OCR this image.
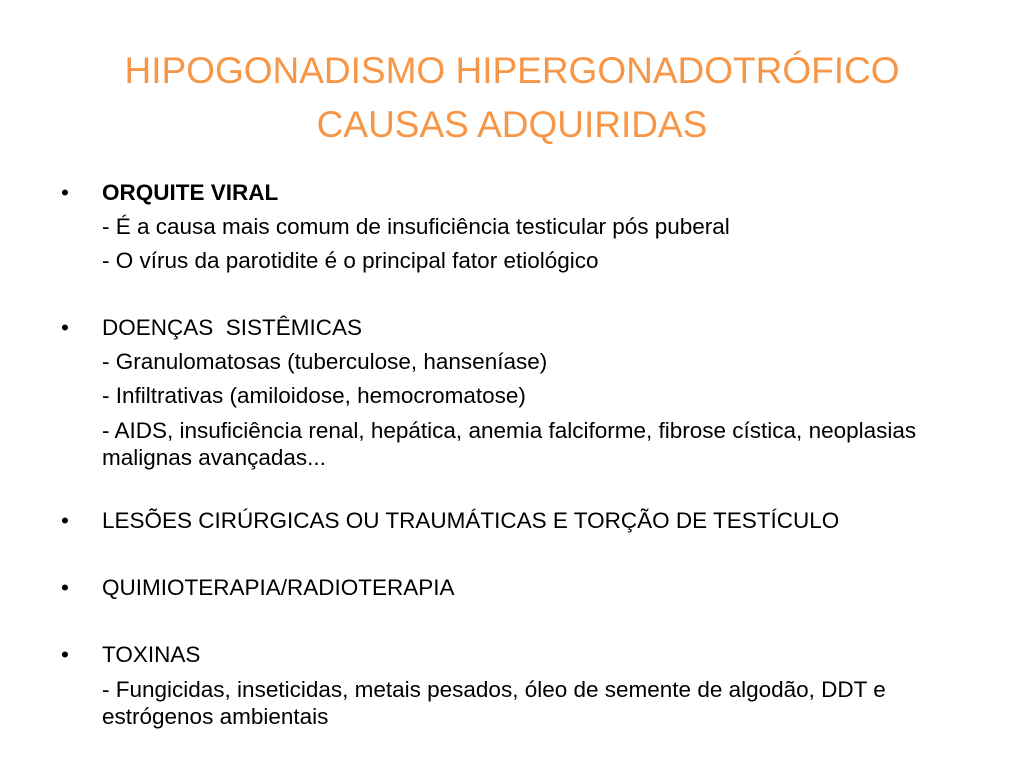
HIPOGONADISMO HIPERGONADOTRÓFICO
CAUSAS ADQUIRIDAS
• ORQUITE VIRAL
- É a causa mais comum de insuficiência testicular pós puberal
- O vírus da parotidite é o principal fator etiológico
• DOENÇAS  SISTÊMICAS
- Granulomatosas (tuberculose, hanseníase)
- Infiltrativas (amiloidose, hemocromatose)
- AIDS, insuficiência renal, hepática, anemia falciforme, fibrose cística, neoplasias malignas avançadas...
• LESÕES CIRÚRGICAS OU TRAUMÁTICAS E TORÇÃO DE TESTÍCULO
• QUIMIOTERAPIA/RADIOTERAPIA
• TOXINAS
- Fungicidas, inseticidas, metais pesados, óleo de semente de algodão, DDT e estrógenos ambientais
